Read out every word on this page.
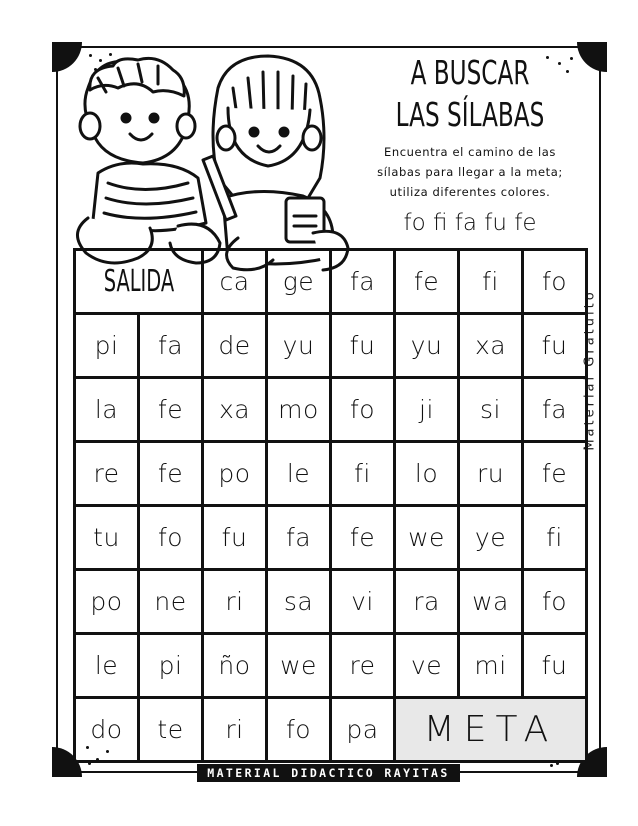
A BUSCAR
LAS SÍLABAS
Encuentra el camino de las
sílabas para llegar a la meta;
utiliza diferentes colores.
fo fi fa fu fe
Material Gratuito
SALIDA	ca	ge	fa	fe	fi	fo
pi	fa	de	yu	fu	yu	xa	fu
la	fe	xa	mo	fo	ji	si	fa
re	fe	po	le	fi	lo	ru	fe
tu	fo	fu	fa	fe	we	ye	fi
po	ne	ri	sa	vi	ra	wa	fo
le	pi	ño	we	re	ve	mi	fu
do	te	ri	fo	pa	META
MATERIAL DIDACTICO RAYITAS
